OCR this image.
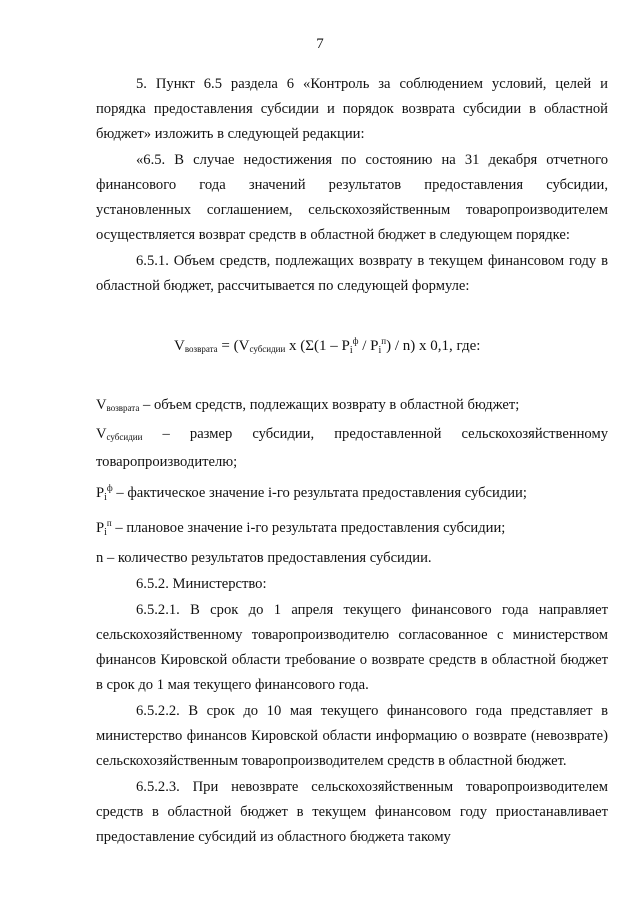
7

5. Пункт 6.5 раздела 6 «Контроль за соблюдением условий, целей и порядка предоставления субсидии и порядок возврата субсидии в областной бюджет» изложить в следующей редакции:

«6.5. В случае недостижения по состоянию на 31 декабря отчетного финансового года значений результатов предоставления субсидии, установленных соглашением, сельскохозяйственным товаропроизводителем осуществляется возврат средств в областной бюджет в следующем порядке:

6.5.1. Объем средств, подлежащих возврату в текущем финансовом году в областной бюджет, рассчитывается по следующей формуле:

$V_{возврата} = (V_{субсидии}$ x $(\Sigma(1 - P_i^ф / P_i^п) / n)$ x 0,1, где:

$V_{возврата}$ – объем средств, подлежащих возврату в областной бюджет;

$V_{субсидии}$ – размер субсидии, предоставленной сельскохозяйственному товаропроизводителю;

$P_i^ф$ – фактическое значение i-го результата предоставления субсидии;

$P_i^п$ – плановое значение i-го результата предоставления субсидии;

n – количество результатов предоставления субсидии.

6.5.2. Министерство:

6.5.2.1. В срок до 1 апреля текущего финансового года направляет сельскохозяйственному товаропроизводителю согласованное с министерством финансов Кировской области требование о возврате средств в областной бюджет в срок до 1 мая текущего финансового года.

6.5.2.2. В срок до 10 мая текущего финансового года представляет в министерство финансов Кировской области информацию о возврате (невозврате) сельскохозяйственным товаропроизводителем средств в областной бюджет.

6.5.2.3. При невозврате сельскохозяйственным товаропроизводителем средств в областной бюджет в текущем финансовом году приостанавливает предоставление субсидий из областного бюджета такому
